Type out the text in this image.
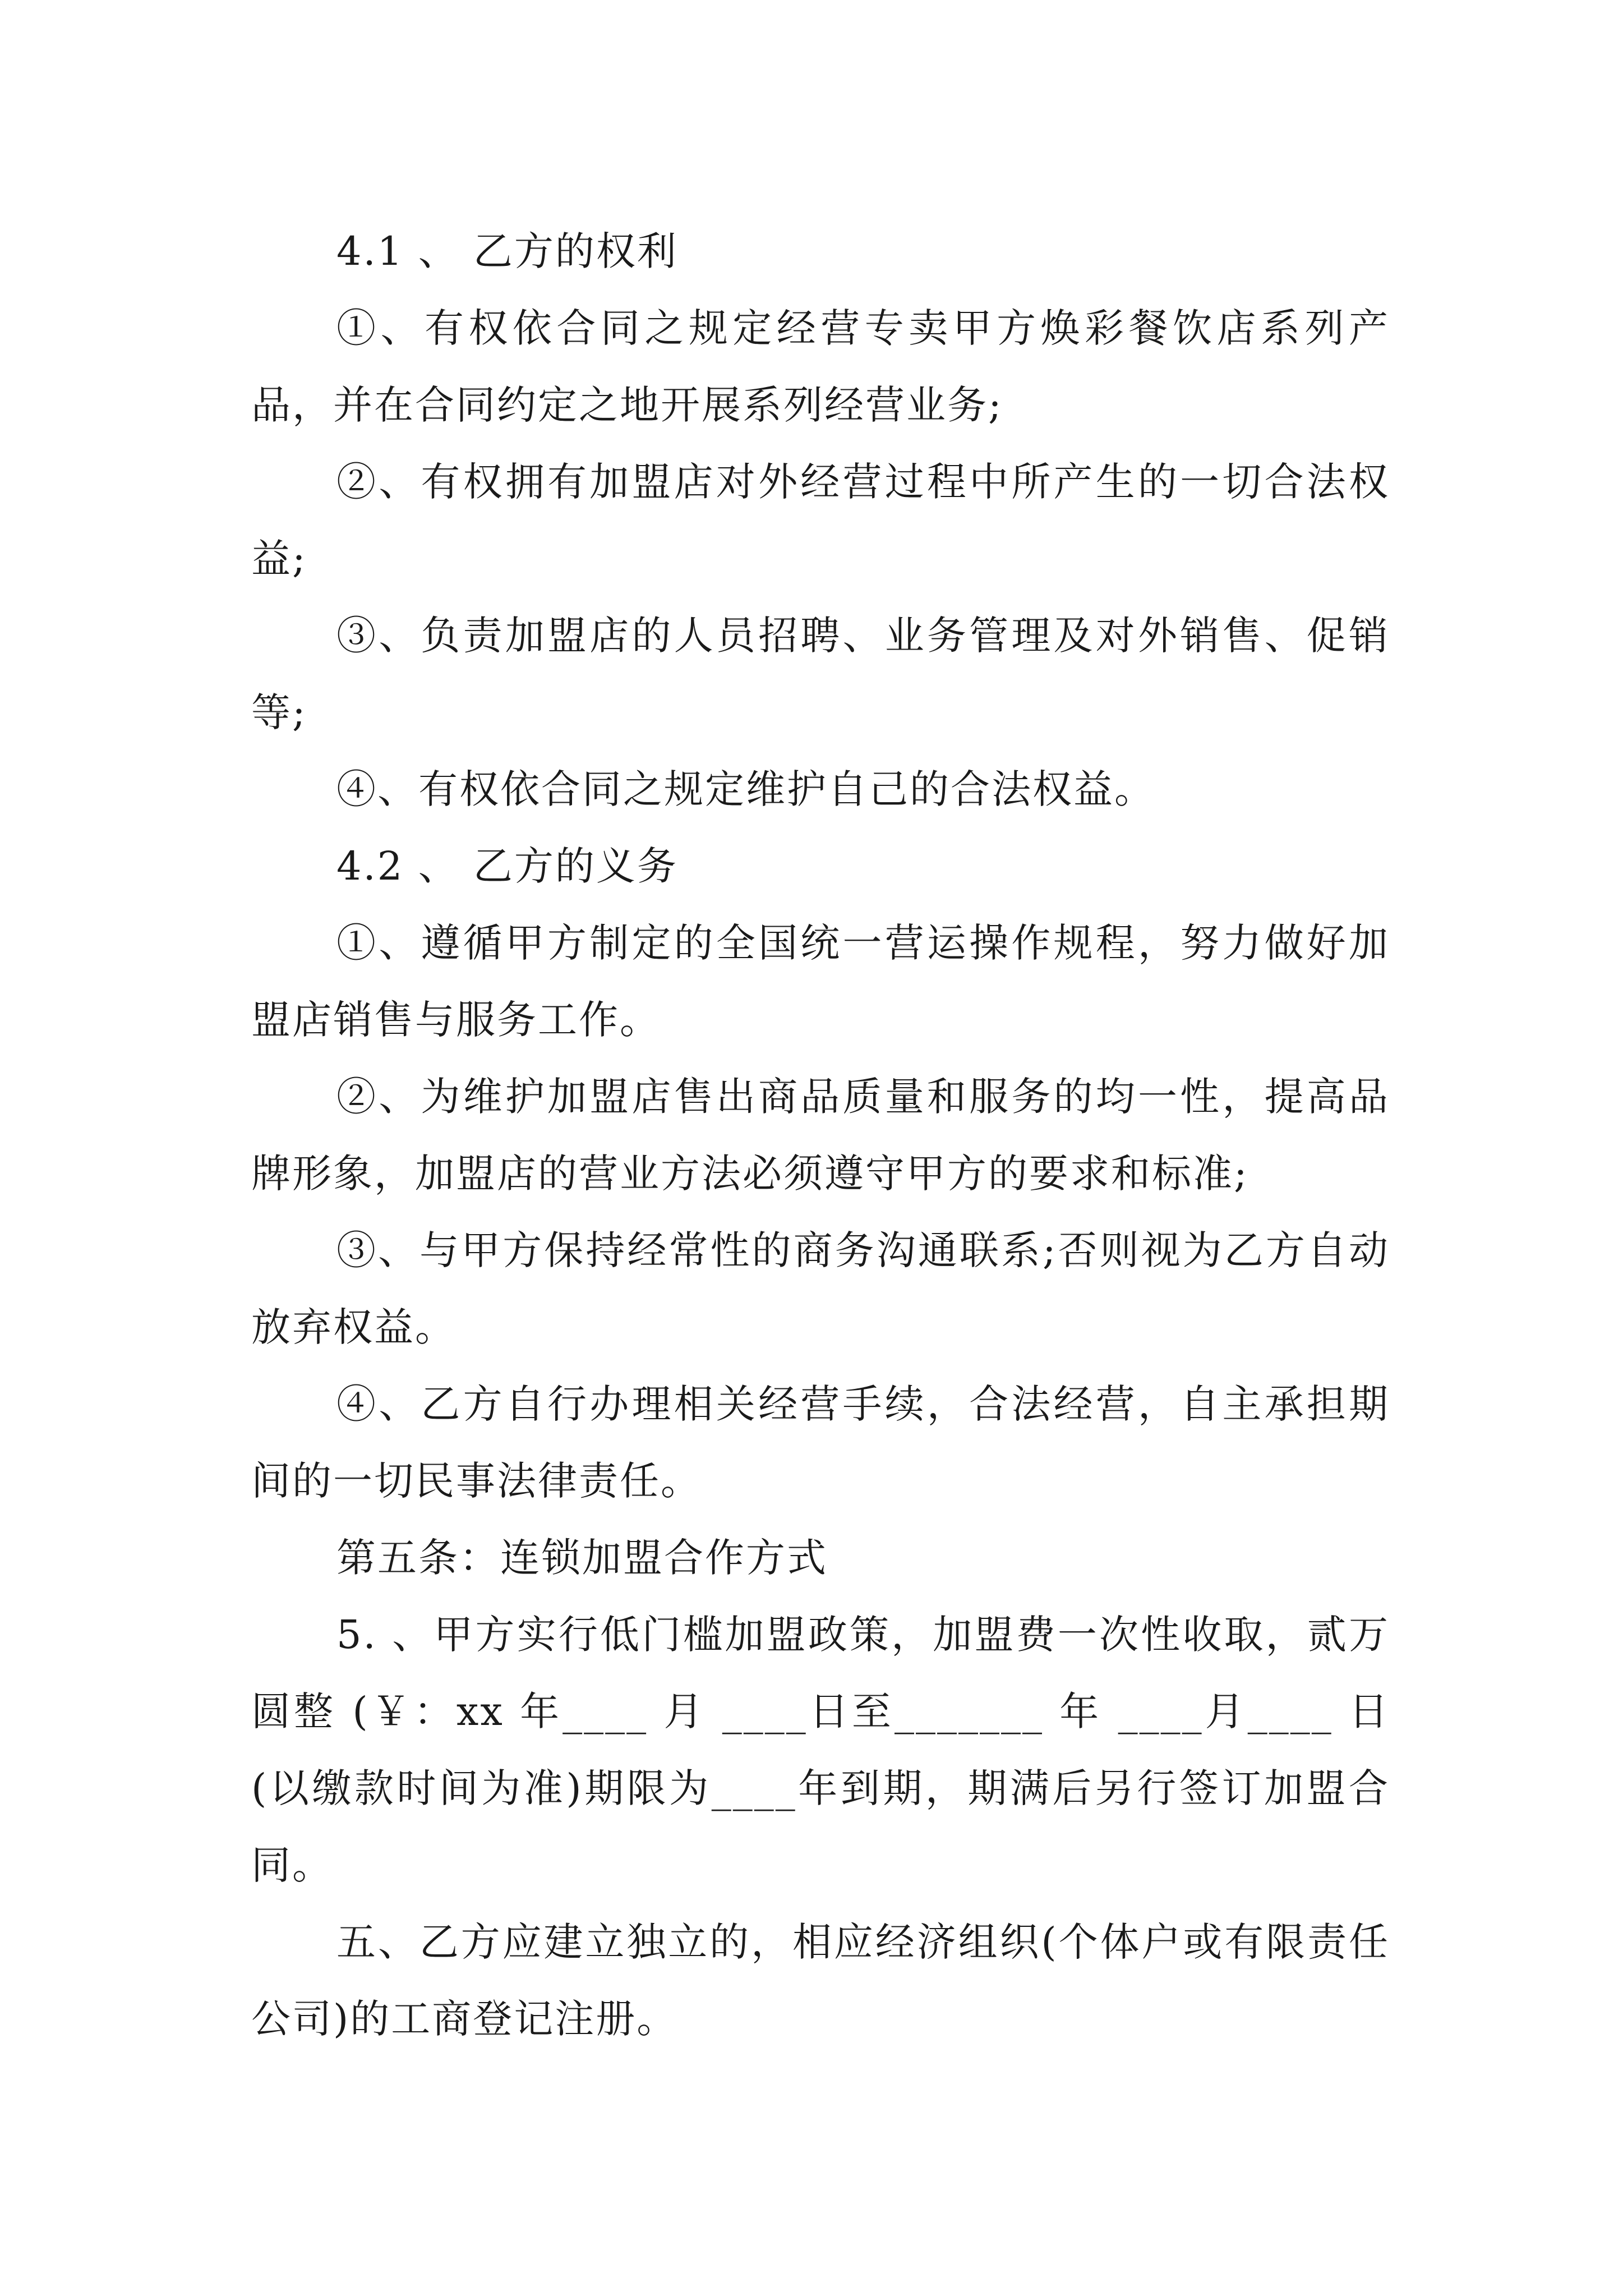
4.1 、 乙方的权利

①、有权依合同之规定经营专卖甲方焕彩餐饮店系列产品，并在合同约定之地开展系列经营业务;

②、有权拥有加盟店对外经营过程中所产生的一切合法权益;

③、负责加盟店的人员招聘、业务管理及对外销售、促销等;

④、有权依合同之规定维护自己的合法权益。

4.2 、 乙方的义务

①、遵循甲方制定的全国统一营运操作规程，努力做好加盟店销售与服务工作。

②、为维护加盟店售出商品质量和服务的均一性，提高品牌形象，加盟店的营业方法必须遵守甲方的要求和标准;

③、与甲方保持经常性的商务沟通联系;否则视为乙方自动放弃权益。

④、乙方自行办理相关经营手续，合法经营，自主承担期间的一切民事法律责任。

第五条：连锁加盟合作方式

5. 、甲方实行低门槛加盟政策，加盟费一次性收取，贰万圆整 (￥：xx 年____ 月 ____日至_______ 年 ____月____ 日(以缴款时间为准)期限为____年到期，期满后另行签订加盟合同。

五、乙方应建立独立的，相应经济组织(个体户或有限责任公司)的工商登记注册。
